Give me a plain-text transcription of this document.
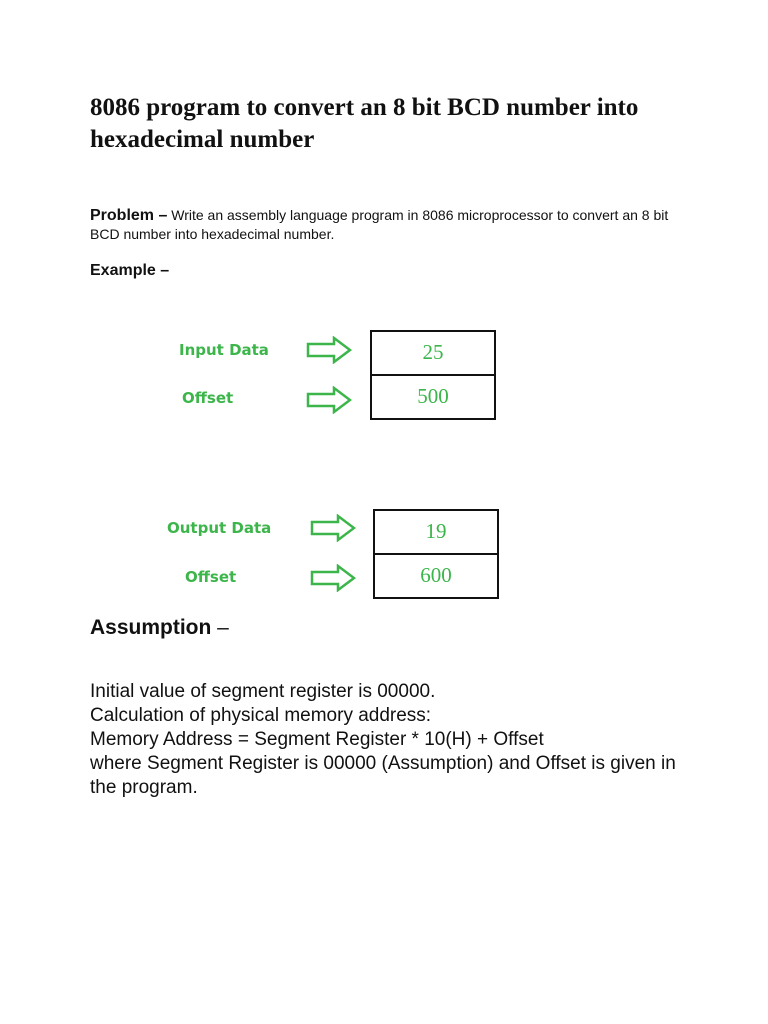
8086 program to convert an 8 bit BCD number into hexadecimal number
Problem – Write an assembly language program in 8086 microprocessor to convert an 8 bit BCD number into hexadecimal number.
Example –
Input Data
Offset
25
500
Output Data
Offset
19
600
Assumption –

Initial value of segment register is 00000.

Calculation of physical memory address:

Memory Address = Segment Register * 10(H) + Offset

where Segment Register is 00000 (Assumption) and Offset is given in the program.
